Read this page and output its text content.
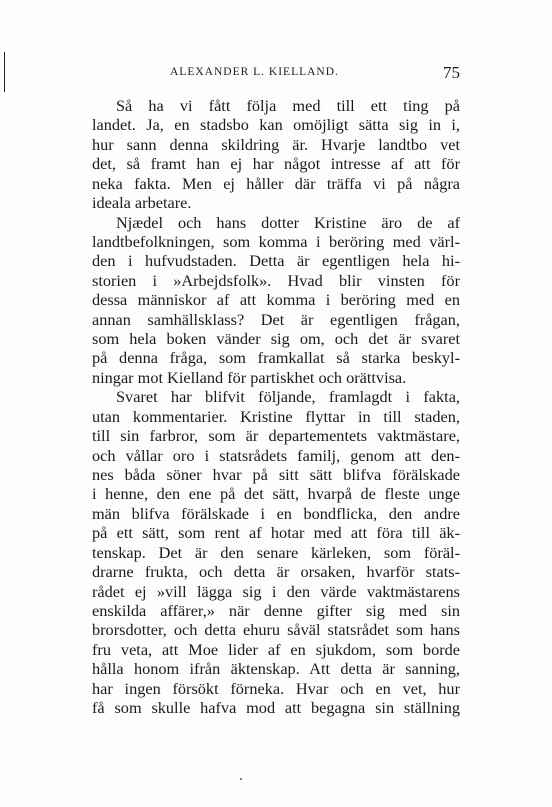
ALEXANDER L. KIELLAND.	75
Så ha vi fått följa med till ett ting på
landet. Ja, en stadsbo kan omöjligt sätta sig in i,
hur sann denna skildring är. Hvarje landtbo vet
det, så framt han ej har något intresse af att för
neka fakta. Men ej håller där träffa vi på några
ideala arbetare.
Njædel och hans dotter Kristine äro de af
landtbefolkningen, som komma i beröring med värl-
den i hufvudstaden. Detta är egentligen hela hi-
storien i »Arbejdsfolk». Hvad blir vinsten för
dessa människor af att komma i beröring med en
annan samhällsklass? Det är egentligen frågan,
som hela boken vänder sig om, och det är svaret
på denna fråga, som framkallat så starka beskyl-
ningar mot Kielland för partiskhet och orättvisa.
Svaret har blifvit följande, framlagdt i fakta,
utan kommentarier. Kristine flyttar in till staden,
till sin farbror, som är departementets vaktmästare,
och vållar oro i statsrådets familj, genom att den-
nes båda söner hvar på sitt sätt blifva förälskade
i henne, den ene på det sätt, hvarpå de fleste unge
män blifva förälskade i en bondflicka, den andre
på ett sätt, som rent af hotar med att föra till äk-
tenskap. Det är den senare kärleken, som föräl-
drarne frukta, och detta är orsaken, hvarför stats-
rådet ej »vill lägga sig i den värde vaktmästarens
enskilda affärer,» när denne gifter sig med sin
brorsdotter, och detta ehuru såväl statsrådet som hans
fru veta, att Moe lider af en sjukdom, som borde
hålla honom ifrån äktenskap. Att detta är sanning,
har ingen försökt förneka. Hvar och en vet, hur
få som skulle hafva mod att begagna sin ställning
